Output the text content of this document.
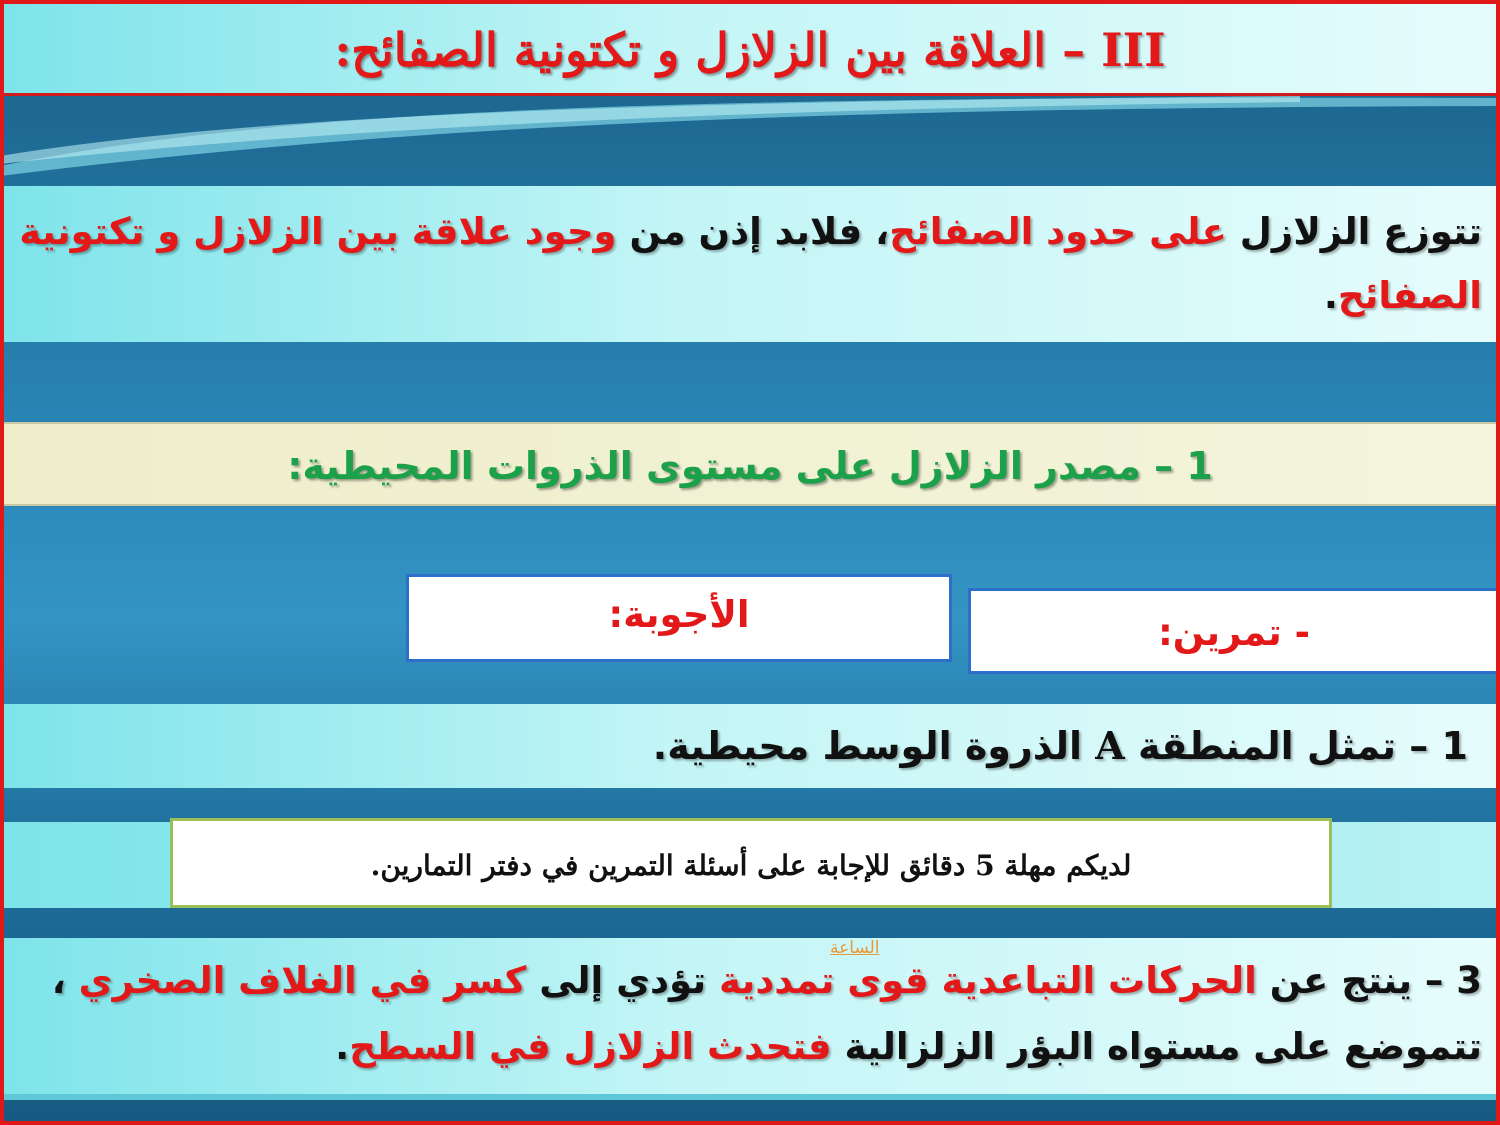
III – العلاقة بين الزلازل و تكتونية الصفائح:
تتوزع الزلازل على حدود الصفائح، فلابد إذن من وجود علاقة بين الزلازل و تكتونية الصفائح.
1 – مصدر الزلازل على مستوى الذروات المحيطية:
الأجوبة:	- تمرين:
1 – تمثل المنطقة A الذروة الوسط محيطية.
لديكم مهلة 5 دقائق للإجابة على أسئلة التمرين في دفتر التمارين.
3 – ينتج عن الحركات التباعدية قوى تمددية تؤدي إلى كسر في الغلاف الصخري ، تتموضع على مستواه البؤر الزلزالية فتحدث الزلازل في السطح.
الساعة
